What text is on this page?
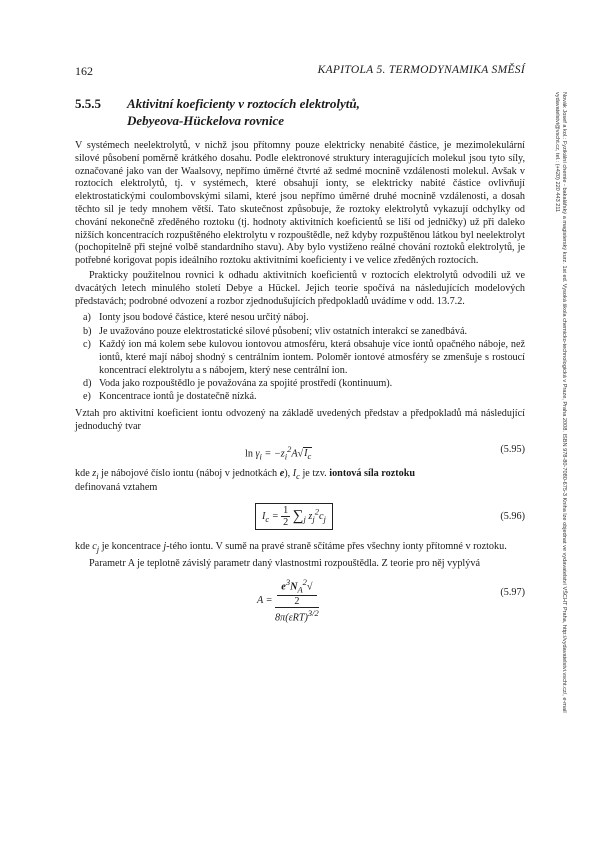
162	KAPITOLA 5. TERMODYNAMIKA SMĚSÍ
Novák Josef a kol.: Fyzikální chemie - bakalářský a magisterský kurz. 1st ed. Vysoká škola chemicko-technologická v Praze, Praha 2008. ISBN 978-80-7080-675-3 Kniha lze objednat ve vydavatelství VŠCHT Praha, http://vydavatelstvi.vscht.cz/, e-mail vydavatelstvi@vscht.cz, tel.: (+420) 220 443 211
5.5.5 Aktivitní koeficienty v roztocích elektrolytů,
Debyeova-Hückelova rovnice

V systémech neelektrolytů, v nichž jsou přítomny pouze elektricky nenabité částice, je mezimolekulární silové působení poměrně krátkého dosahu. Podle elektronové struktury interagujících molekul jsou tyto síly, označované jako van der Waalsovy, nepřímo úměrné čtvrté až sedmé mocnině vzdálenosti molekul. Avšak v roztocích elektrolytů, tj. v systémech, které obsahují ionty, se elektricky nabité částice ovlivňují elektrostatickými coulombovskými silami, které jsou nepřímo úměrné druhé mocnině vzdálenosti, a dosah těchto sil je tedy mnohem větší. Tato skutečnost způsobuje, že roztoky elektrolytů vykazují odchylky od chování nekonečně zředěného roztoku (tj. hodnoty aktivitních koeficientů se liší od jedničky) už při daleko nižších koncentracích rozpuštěného elektrolytu v rozpouštědle, než kdyby rozpuštěnou látkou byl neelektrolyt (pochopitelně při stejné volbě standardního stavu). Aby bylo vystiženo reálné chování roztoků elektrolytů, je potřebné korigovat popis ideálního roztoku aktivitními koeficienty i ve velice zředěných roztocích.

Prakticky použitelnou rovnici k odhadu aktivitních koeficientů v roztocích elektrolytů odvodili už ve dvacátých letech minulého století Debye a Hückel. Jejich teorie spočívá na následujících modelových představách; podrobné odvození a rozbor zjednodušujících předpokladů uvádíme v odd. 13.7.2.

a) Ionty jsou bodové částice, které nesou určitý náboj.
b) Je uvažováno pouze elektrostatické silové působení; vliv ostatních interakcí se zanedbává.
c) Každý ion má kolem sebe kulovou iontovou atmosféru, která obsahuje více iontů opačného náboje, než iontů, které mají náboj shodný s centrálním iontem. Poloměr iontové atmosféry se zmenšuje s rostoucí koncentrací elektrolytu a s nábojem, který nese centrální ion.
d) Voda jako rozpouštědlo je považována za spojité prostředí (kontinuum).
e) Koncentrace iontů je dostatečně nízká.

Vztah pro aktivitní koeficient iontu odvozený na základě uvedených představ a předpokladů má následující jednoduchý tvar

$\ln \gamma_i = -z_i^2A√I_c$
(5.95)

kde $z_i$ je nábojové číslo iontu (náboj v jednotkách e), $I_c$ je tzv. iontová síla roztoku
definovaná vztahem

$I_c = \frac{1}{2} \sum_j$ $z_j^2c_j$	(5.96)

kde $c_j$ je koncentrace j-tého iontu. V sumě na pravé straně sčítáme přes všechny ionty přítomné v roztoku.

Parametr A je teplotně závislý parametr daný vlastnostmi rozpouštědla. Z teorie pro něj vyplývá

$A = e^3N_A^2√$
2
$8\pi(\varepsilon RT)^{3/2}$	(5.97)
